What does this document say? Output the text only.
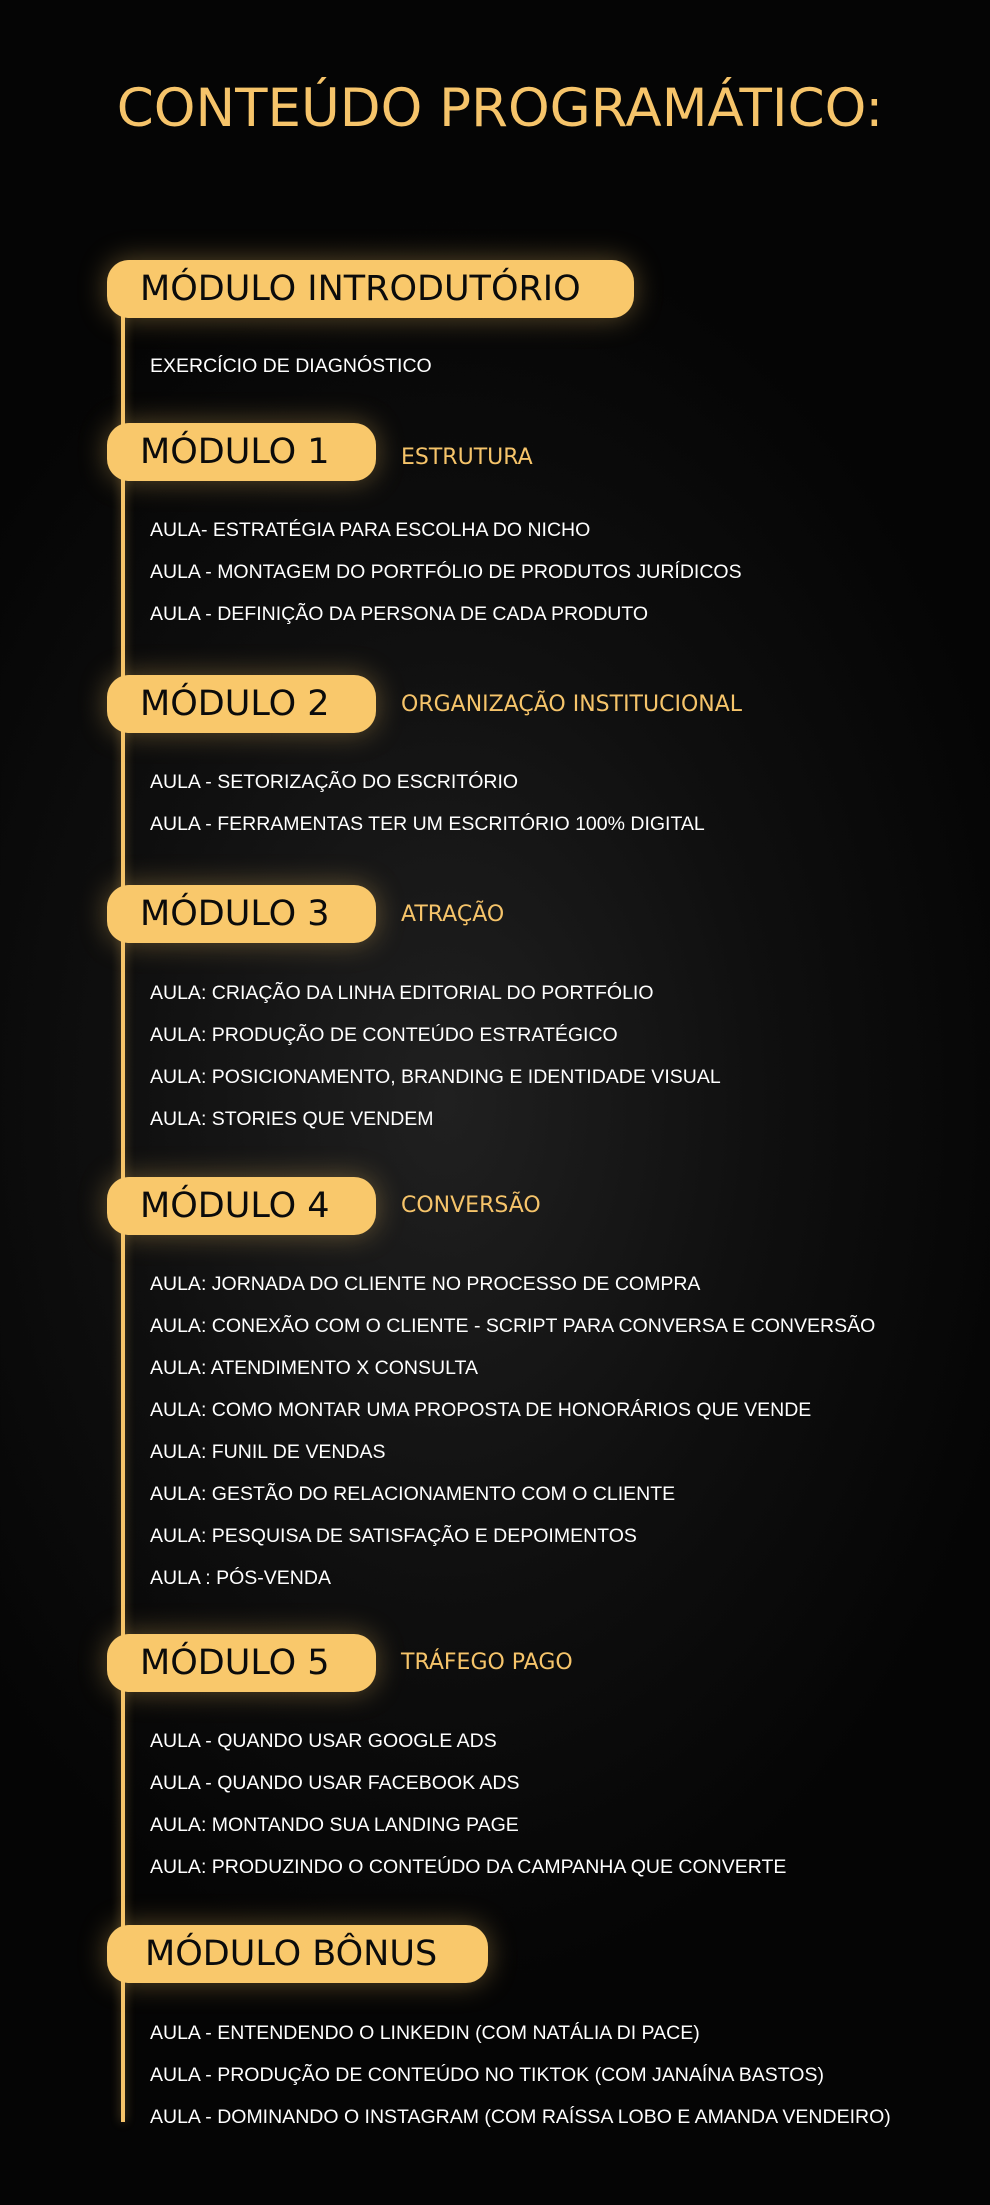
CONTEÚDO PROGRAMÁTICO:
MÓDULO INTRODUTÓRIO
EXERCÍCIO DE DIAGNÓSTICO
MÓDULO 1	ESTRUTURA
AULA- ESTRATÉGIA PARA ESCOLHA DO NICHO
AULA - MONTAGEM DO PORTFÓLIO DE PRODUTOS JURÍDICOS
AULA - DEFINIÇÃO DA PERSONA DE CADA PRODUTO
MÓDULO 2	ORGANIZAÇÃO INSTITUCIONAL
AULA - SETORIZAÇÃO DO ESCRITÓRIO
AULA - FERRAMENTAS TER UM ESCRITÓRIO 100% DIGITAL
MÓDULO 3	ATRAÇÃO
AULA: CRIAÇÃO DA LINHA EDITORIAL DO PORTFÓLIO
AULA: PRODUÇÃO DE CONTEÚDO ESTRATÉGICO
AULA: POSICIONAMENTO, BRANDING E IDENTIDADE VISUAL
AULA: STORIES QUE VENDEM
MÓDULO 4	CONVERSÃO
AULA: JORNADA DO CLIENTE NO PROCESSO DE COMPRA
AULA: CONEXÃO COM O CLIENTE - SCRIPT PARA CONVERSA E CONVERSÃO
AULA: ATENDIMENTO X CONSULTA
AULA: COMO MONTAR UMA PROPOSTA DE HONORÁRIOS QUE VENDE
AULA: FUNIL DE VENDAS
AULA: GESTÃO DO RELACIONAMENTO COM O CLIENTE
AULA: PESQUISA DE SATISFAÇÃO E DEPOIMENTOS
AULA : PÓS-VENDA
MÓDULO 5	TRÁFEGO PAGO
AULA - QUANDO USAR GOOGLE ADS
AULA - QUANDO USAR FACEBOOK ADS
AULA: MONTANDO SUA LANDING PAGE
AULA: PRODUZINDO O CONTEÚDO DA CAMPANHA QUE CONVERTE
MÓDULO BÔNUS
AULA - ENTENDENDO O LINKEDIN (COM NATÁLIA DI PACE)
AULA - PRODUÇÃO DE CONTEÚDO NO TIKTOK (COM JANAÍNA BASTOS)
AULA - DOMINANDO O INSTAGRAM (COM RAÍSSA LOBO E AMANDA VENDEIRO)
